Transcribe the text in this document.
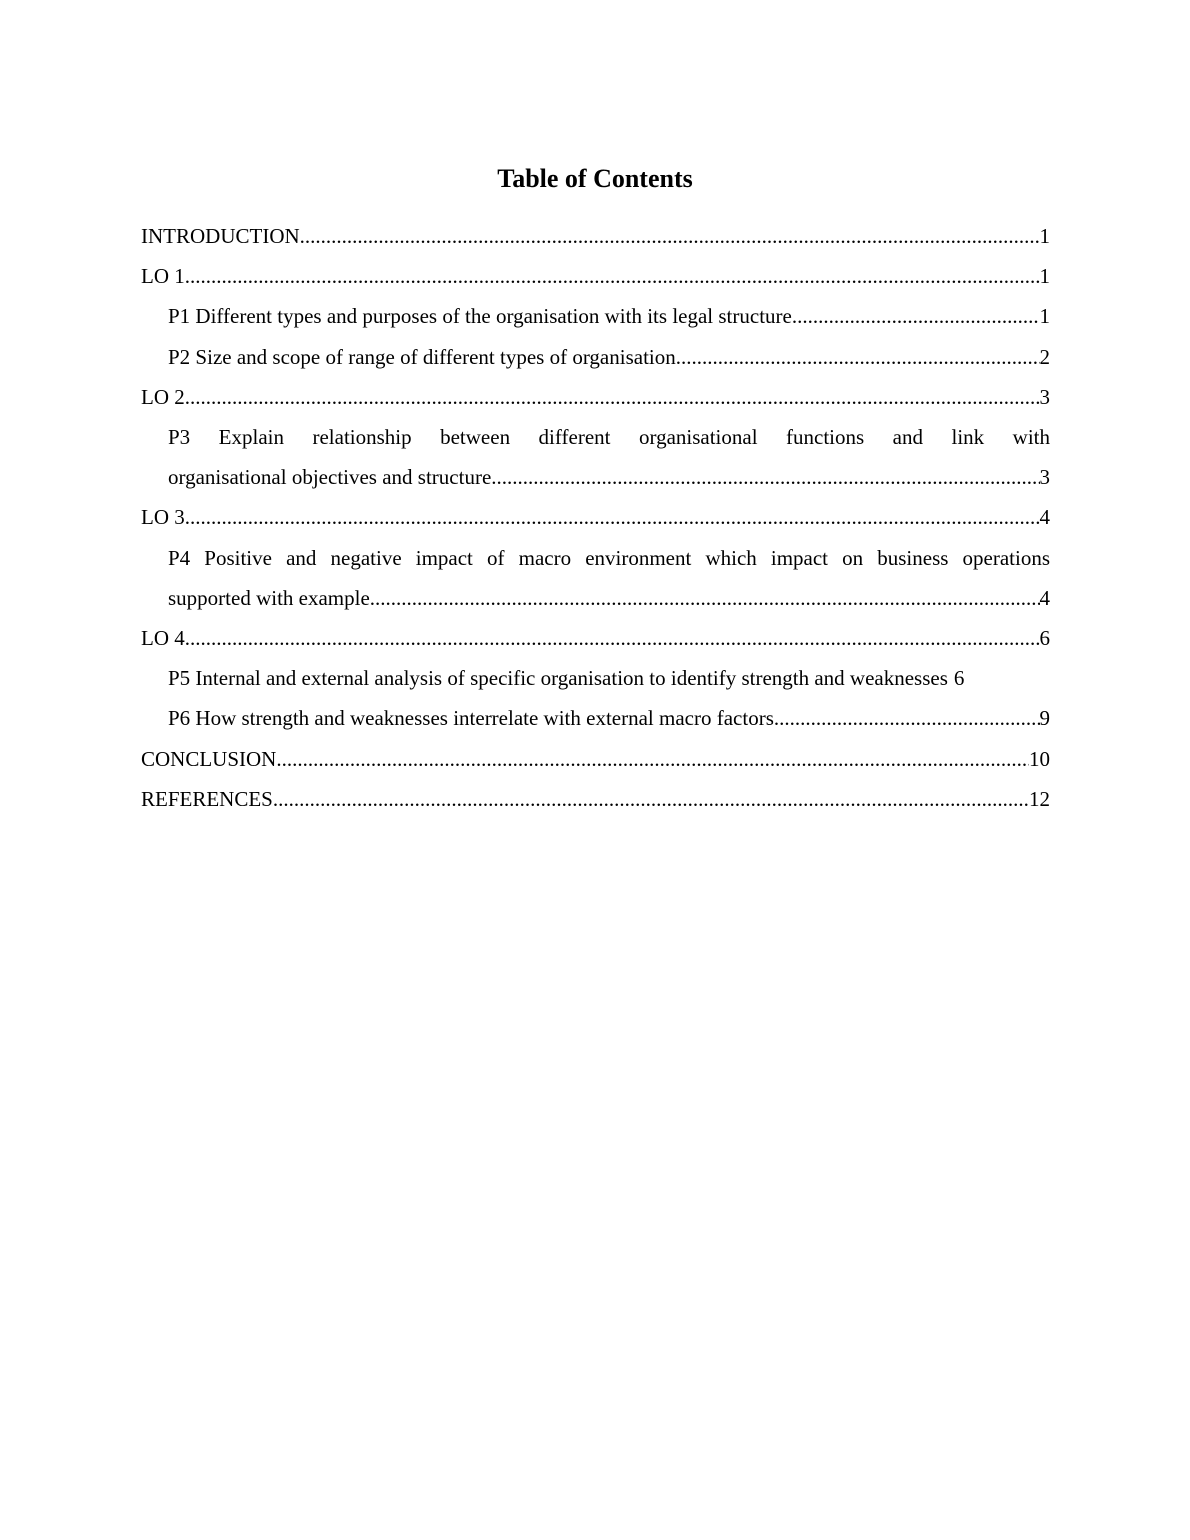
Table of Contents
INTRODUCTION .....	1
LO 1 .....	1
P1 Different types and purposes of the organisation with its legal structure .....	1
P2 Size and scope of range of different types of organisation .....	2
LO 2 .....	3
P3 Explain relationship between different organisational functions and link with
organisational objectives and structure .....	3
LO 3 .....	4
P4 Positive and negative impact of macro environment which impact on business operations
supported with example .....	4
LO 4 .....	6
P5 Internal and external analysis of specific organisation to identify strength and weaknesses 6
P6 How strength and weaknesses interrelate with external macro factors .....	9
CONCLUSION .....	10
REFERENCES .....	12
